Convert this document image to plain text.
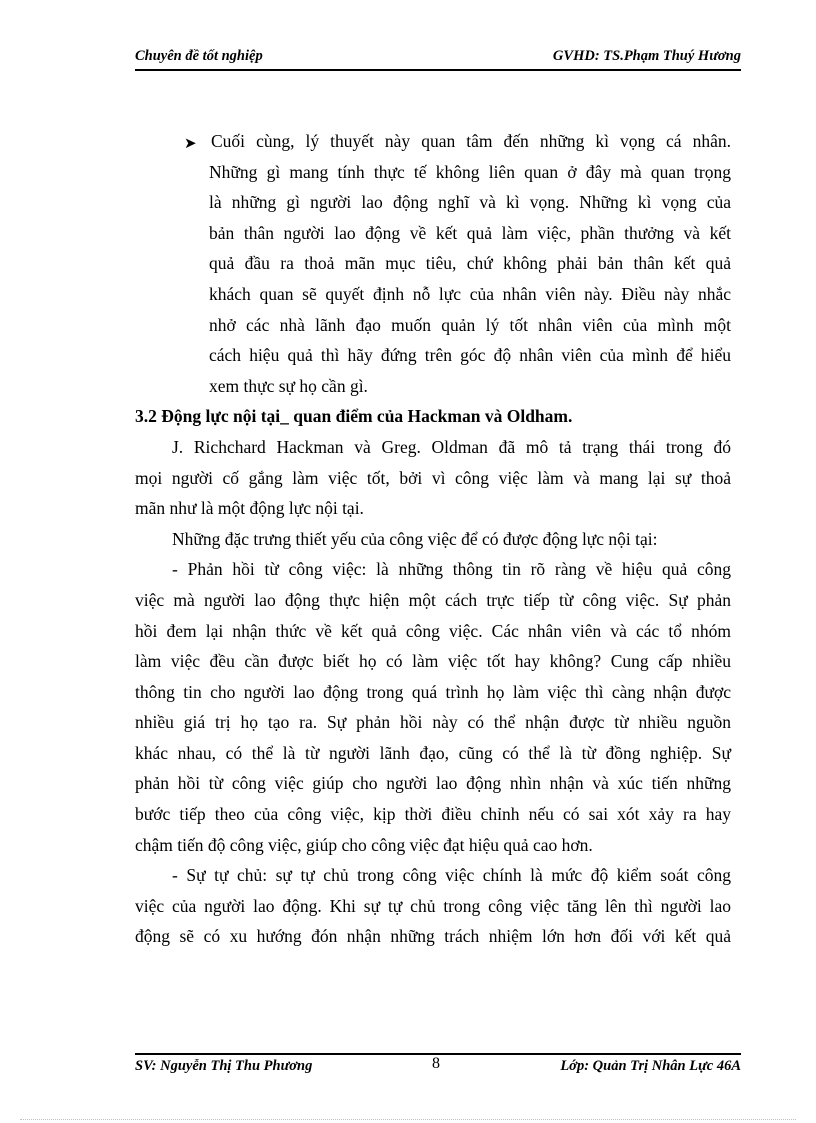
Chuyên đề tốt nghiệp	GVHD: TS.Phạm Thuý Hương
➤ Cuối cùng, lý thuyết này quan tâm đến những kì vọng cá nhân.
Những gì mang tính thực tế không liên quan ở đây mà quan trọng
là những gì người lao động nghĩ và kì vọng. Những kì vọng của
bản thân người lao động về kết quả làm việc, phần thưởng và kết
quả đầu ra thoả mãn mục tiêu, chứ không phải bản thân kết quả
khách quan sẽ quyết định nỗ lực của nhân viên này. Điều này nhắc
nhở các nhà lãnh đạo muốn quản lý tốt nhân viên của mình một
cách hiệu quả thì hãy đứng trên góc độ nhân viên của mình để hiểu
xem thực sự họ cần gì.
3.2 Động lực nội tại_ quan điểm của Hackman và Oldham.
J. Richchard Hackman và Greg. Oldman đã mô tả trạng thái trong đó
mọi người cố gắng làm việc tốt, bởi vì công việc làm và mang lại sự thoả
mãn như là một động lực nội tại.
Những đặc trưng thiết yếu của công việc để có được động lực nội tại:
- Phản hồi từ công việc: là những thông tin rõ ràng về hiệu quả công
việc mà người lao động thực hiện một cách trực tiếp từ công việc. Sự phản
hồi đem lại nhận thức về kết quả công việc. Các nhân viên và các tổ nhóm
làm việc đều cần được biết họ có làm việc tốt hay không? Cung cấp nhiều
thông tin cho người lao động trong quá trình họ làm việc thì càng nhận được
nhiều giá trị họ tạo ra. Sự phản hồi này có thể nhận được từ nhiều nguồn
khác nhau, có thể là từ người lãnh đạo, cũng có thể là từ đồng nghiệp. Sự
phản hồi từ công việc giúp cho người lao động nhìn nhận và xúc tiến những
bước tiếp theo của công việc, kịp thời điều chỉnh nếu có sai xót xảy ra hay
chậm tiến độ công việc, giúp cho công việc đạt hiệu quả cao hơn.
- Sự tự chủ: sự tự chủ trong công việc chính là mức độ kiểm soát công
việc của người lao động. Khi sự tự chủ trong công việc tăng lên thì người lao
động sẽ có xu hướng đón nhận những trách nhiệm lớn hơn đối với kết quả
SV: Nguyễn Thị Thu Phương	8	Lớp: Quản Trị Nhân Lực 46A
